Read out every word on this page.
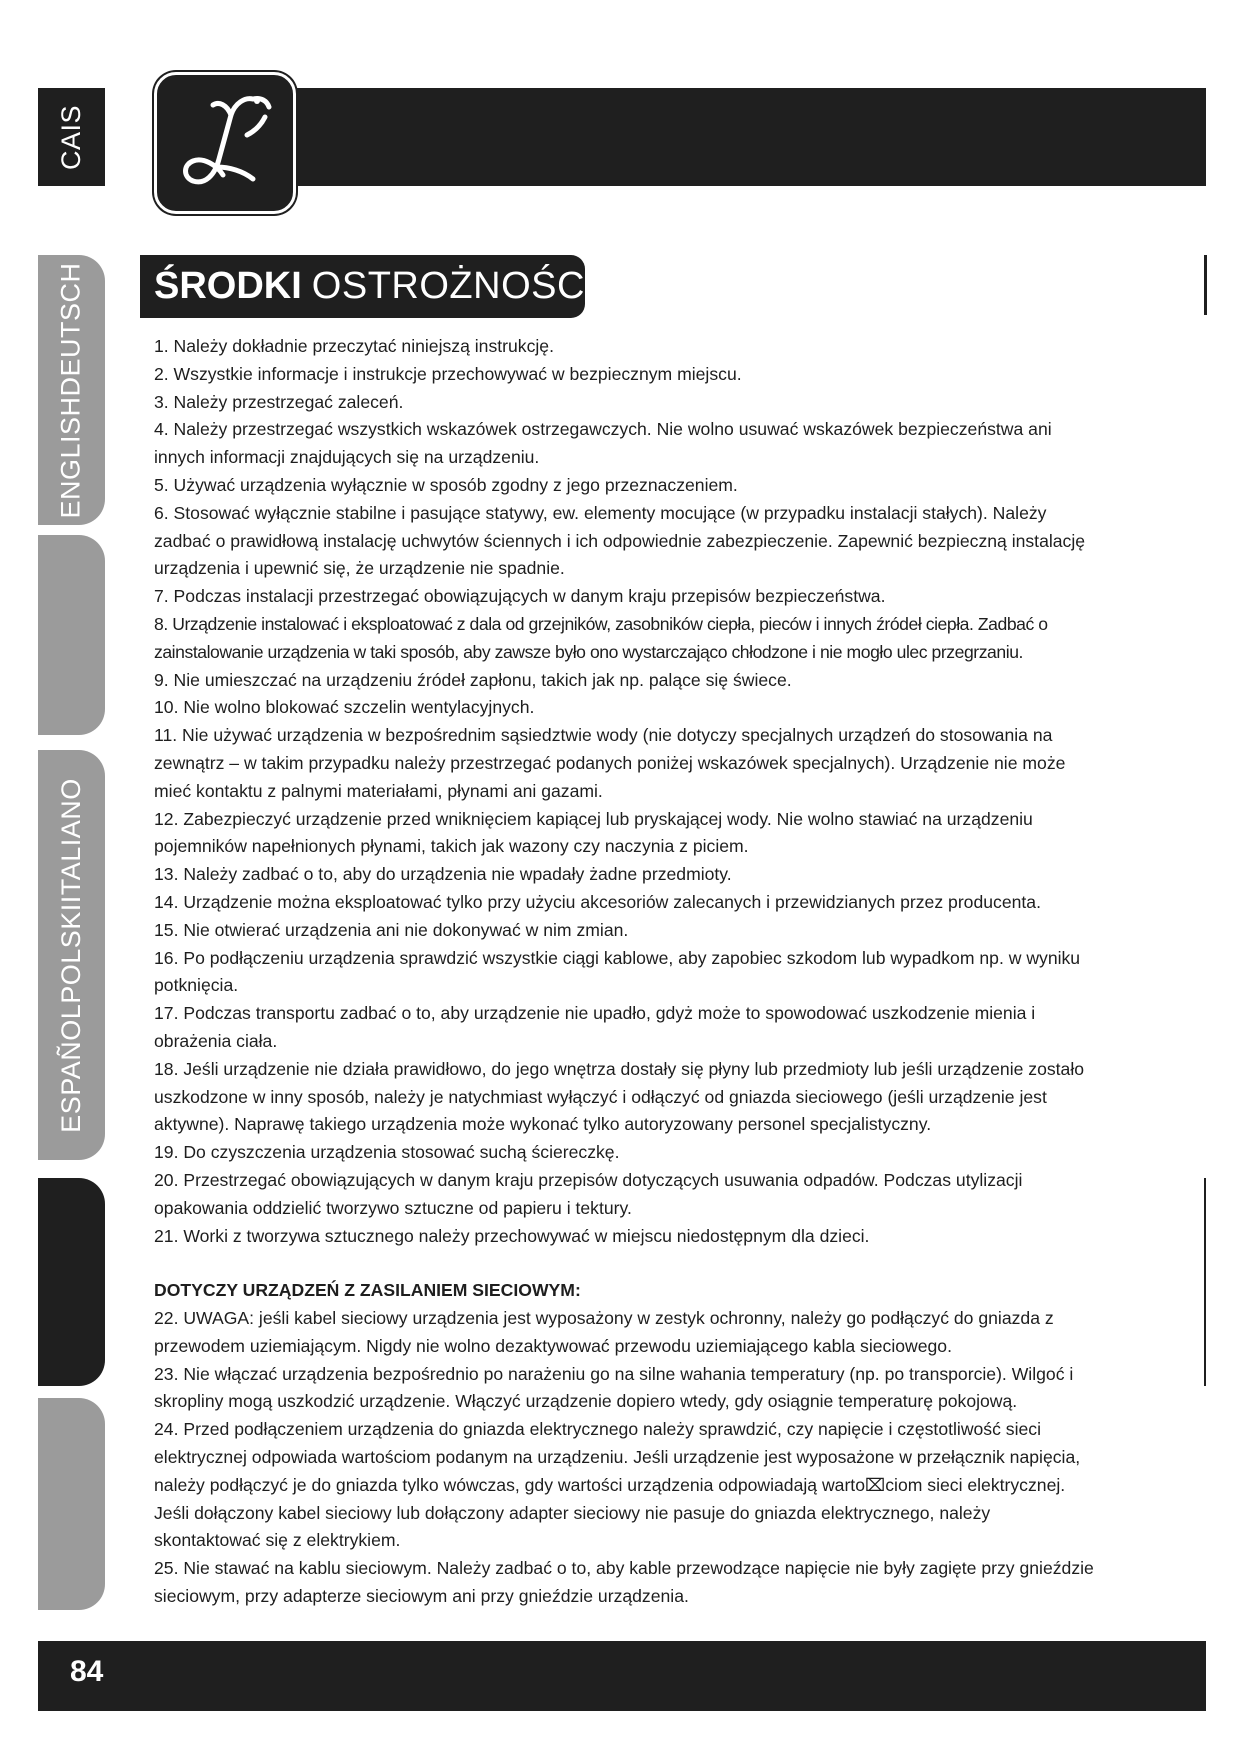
CAIS
ENGLISHDEUTSCH
ESPAÑOLPOLSKIITALIANO
ŚRODKI OSTROŻNOŚCI:

1. Należy dokładnie przeczytać niniejszą instrukcję.

2. Wszystkie informacje i instrukcje przechowywać w bezpiecznym miejscu.

3. Należy przestrzegać zaleceń.

4. Należy przestrzegać wszystkich wskazówek ostrzegawczych. Nie wolno usuwać wskazówek bezpieczeństwa ani innych informacji znajdujących się na urządzeniu.

5. Używać urządzenia wyłącznie w sposób zgodny z jego przeznaczeniem.

6. Stosować wyłącznie stabilne i pasujące statywy, ew. elementy mocujące (w przypadku instalacji stałych). Należy zadbać o prawidłową instalację uchwytów ściennych i ich odpowiednie zabezpieczenie. Zapewnić bezpieczną instalację urządzenia i upewnić się, że urządzenie nie spadnie.

7. Podczas instalacji przestrzegać obowiązujących w danym kraju przepisów bezpieczeństwa.

8. Urządzenie instalować i eksploatować z dala od grzejników, zasobników ciepła, pieców i innych źródeł ciepła. Zadbać o zainstalowanie urządzenia w taki sposób, aby zawsze było ono wystarczająco chłodzone i nie mogło ulec przegrzaniu.

9. Nie umieszczać na urządzeniu źródeł zapłonu, takich jak np. palące się świece.

10. Nie wolno blokować szczelin wentylacyjnych.

11. Nie używać urządzenia w bezpośrednim sąsiedztwie wody (nie dotyczy specjalnych urządzeń do stosowania na zewnątrz – w takim przypadku należy przestrzegać podanych poniżej wskazówek specjalnych). Urządzenie nie może mieć kontaktu z palnymi materiałami, płynami ani gazami.

12. Zabezpieczyć urządzenie przed wniknięciem kapiącej lub pryskającej wody. Nie wolno stawiać na urządzeniu pojemników napełnionych płynami, takich jak wazony czy naczynia z piciem.

13. Należy zadbać o to, aby do urządzenia nie wpadały żadne przedmioty.

14. Urządzenie można eksploatować tylko przy użyciu akcesoriów zalecanych i przewidzianych przez producenta.

15. Nie otwierać urządzenia ani nie dokonywać w nim zmian.

16. Po podłączeniu urządzenia sprawdzić wszystkie ciągi kablowe, aby zapobiec szkodom lub wypadkom np. w wyniku potknięcia.

17. Podczas transportu zadbać o to, aby urządzenie nie upadło, gdyż może to spowodować uszkodzenie mienia i obrażenia ciała.

18. Jeśli urządzenie nie działa prawidłowo, do jego wnętrza dostały się płyny lub przedmioty lub jeśli urządzenie zostało uszkodzone w inny sposób, należy je natychmiast wyłączyć i odłączyć od gniazda sieciowego (jeśli urządzenie jest aktywne). Naprawę takiego urządzenia może wykonać tylko autoryzowany personel specjalistyczny.

19. Do czyszczenia urządzenia stosować suchą ściereczkę.

20. Przestrzegać obowiązujących w danym kraju przepisów dotyczących usuwania odpadów. Podczas utylizacji opakowania oddzielić tworzywo sztuczne od papieru i tektury.

21. Worki z tworzywa sztucznego należy przechowywać w miejscu niedostępnym dla dzieci.

DOTYCZY URZĄDZEŃ Z ZASILANIEM SIECIOWYM:

22. UWAGA: jeśli kabel sieciowy urządzenia jest wyposażony w zestyk ochronny, należy go podłączyć do gniazda z przewodem uziemiającym. Nigdy nie wolno dezaktywować przewodu uziemiającego kabla sieciowego.

23. Nie włączać urządzenia bezpośrednio po narażeniu go na silne wahania temperatury (np. po transporcie). Wilgoć i skropliny mogą uszkodzić urządzenie. Włączyć urządzenie dopiero wtedy, gdy osiągnie temperaturę pokojową.

24. Przed podłączeniem urządzenia do gniazda elektrycznego należy sprawdzić, czy napięcie i częstotliwość sieci elektrycznej odpowiada wartościom podanym na urządzeniu. Jeśli urządzenie jest wyposażone w przełącznik napięcia, należy podłączyć je do gniazda tylko wówczas, gdy wartości urządzenia odpowiadają warto⌧ciom sieci elektrycznej. Jeśli dołączony kabel sieciowy lub dołączony adapter sieciowy nie pasuje do gniazda elektrycznego, należy skontaktować się z elektrykiem.

25. Nie stawać na kablu sieciowym. Należy zadbać o to, aby kable przewodzące napięcie nie były zagięte przy gnieździe sieciowym, przy adapterze sieciowym ani przy gnieździe urządzenia.

84
